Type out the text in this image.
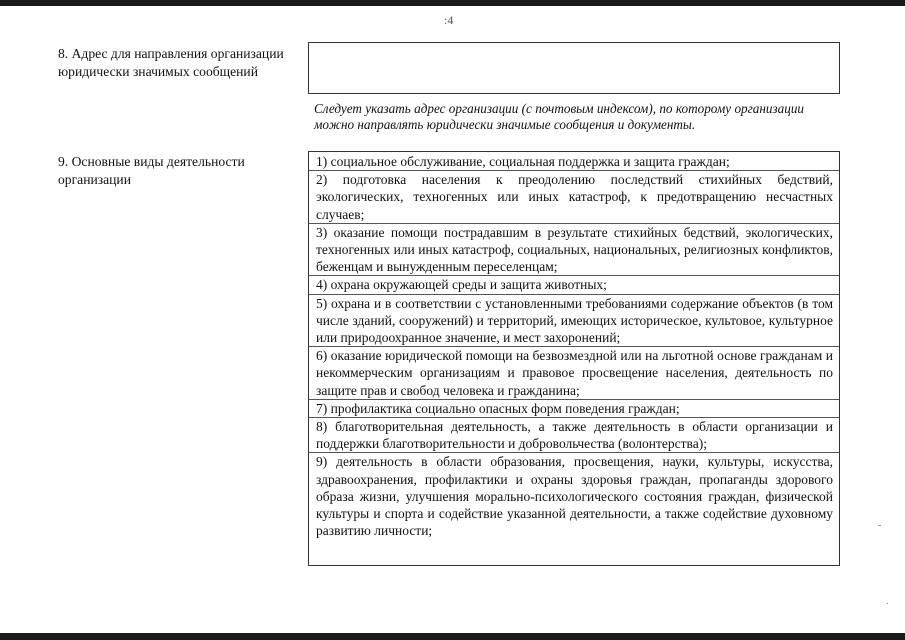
:4
8. Адрес для направления организации юридически значимых сообщений
Следует указать адрес организации (с почтовым индексом), по которому организации можно направлять юридически значимые сообщения и документы.
9. Основные виды деятельности организации

1) социальное обслуживание, социальная поддержка и защита граждан;

2) подготовка населения к преодолению последствий стихийных бедствий, экологических, техногенных или иных катастроф, к предотвращению несчастных случаев;

3) оказание помощи пострадавшим в результате стихийных бедствий, экологических, техногенных или иных катастроф, социальных, национальных, религиозных конфликтов, беженцам и вынужденным переселенцам;

4) охрана окружающей среды и защита животных;

5) охрана и в соответствии с установленными требованиями содержание объектов (в том числе зданий, сооружений) и территорий, имеющих историческое, культовое, культурное или природоохранное значение, и мест захоронений;

6) оказание юридической помощи на безвозмездной или на льготной основе гражданам и некоммерческим организациям и правовое просвещение населения, деятельность по защите прав и свобод человека и гражданина;

7) профилактика социально опасных форм поведения граждан;

8) благотворительная деятельность, а также деятельность в области организации и поддержки благотворительности и добровольчества (волонтерства);

9) деятельность в области образования, просвещения, науки, культуры, искусства, здравоохранения, профилактики и охраны здоровья граждан, пропаганды здорового образа жизни, улучшения морально-психологического состояния граждан, физической культуры и спорта и содействие указанной деятельности, а также содействие духовному развитию личности;	-
.
